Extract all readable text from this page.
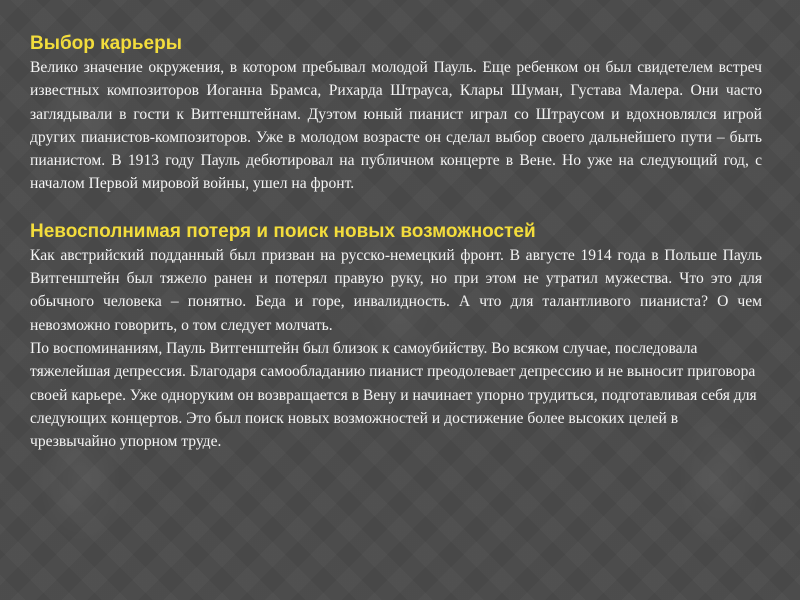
Выбор карьеры

Велико значение окружения, в котором пребывал молодой Пауль. Еще ребенком он был свидетелем встреч известных композиторов Иоганна Брамса, Рихарда Штрауса, Клары Шуман, Густава Малера. Они часто заглядывали в гости к Витгенштейнам. Дуэтом юный пианист играл со Штраусом и вдохновлялся игрой других пианистов-композиторов. Уже в молодом возрасте он сделал выбор своего дальнейшего пути – быть пианистом. В 1913 году Пауль дебютировал на публичном концерте в Вене. Но уже на следующий год, с началом Первой мировой войны, ушел на фронт.

Невосполнимая потеря и поиск новых возможностей

Как австрийский подданный был призван на русско-немецкий фронт. В августе 1914 года в Польше Пауль Витгенштейн был тяжело ранен и потерял правую руку, но при этом не утратил мужества. Что это для обычного человека – понятно. Беда и горе, инвалидность. А что для талантливого пианиста? О чем невозможно говорить, о том следует молчать.

По воспоминаниям, Пауль Витгенштейн был близок к самоубийству. Во всяком случае, последовала тяжелейшая депрессия. Благодаря самообладанию пианист преодолевает депрессию и не выносит приговора своей карьере. Уже одноруким он возвращается в Вену и начинает упорно трудиться, подготавливая себя для следующих концертов. Это был поиск новых возможностей и достижение более высоких целей в чрезвычайно упорном труде.
